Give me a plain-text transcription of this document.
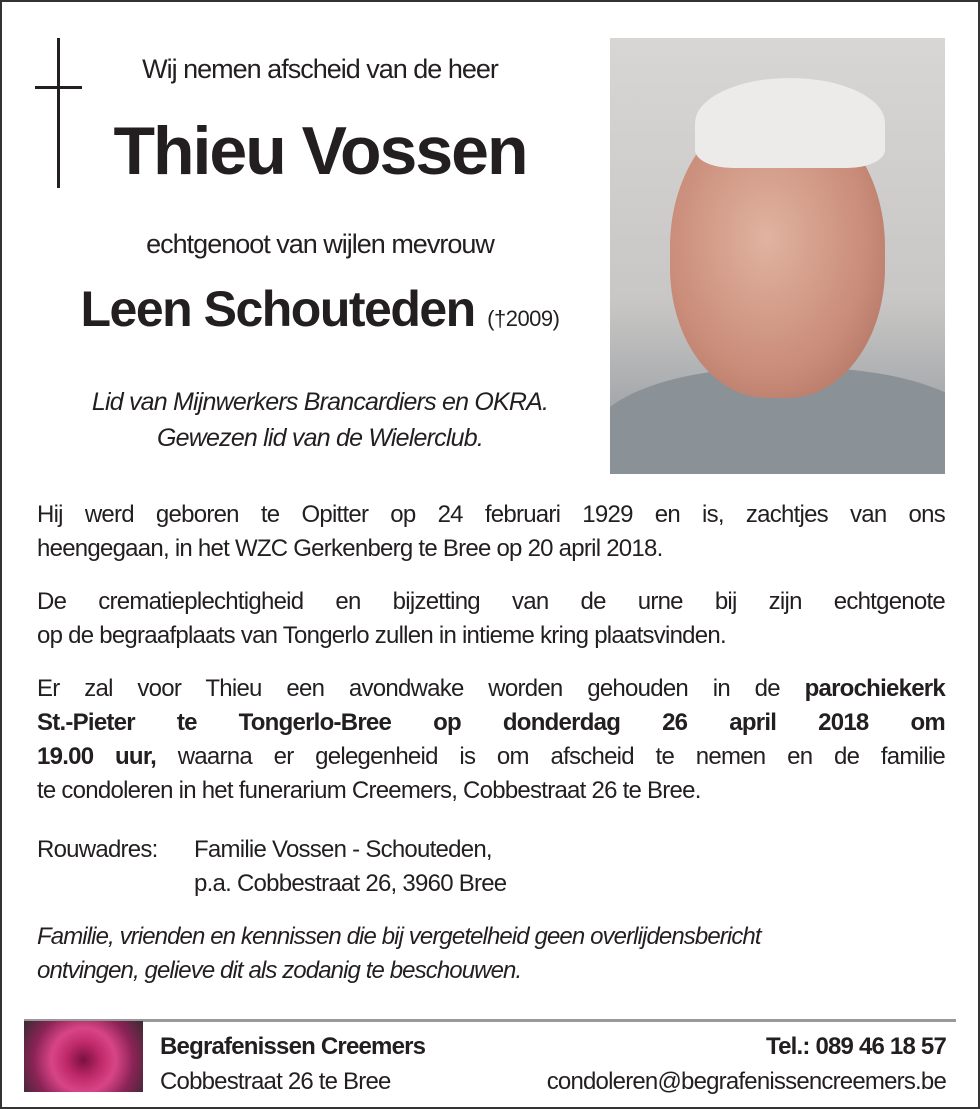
Wij nemen afscheid van de heer
Thieu Vossen
echtgenoot van wijlen mevrouw
Leen Schouteden (†2009)
Lid van Mijnwerkers Brancardiers en OKRA.
Gewezen lid van de Wielerclub.
Hij werd geboren te Opitter op 24 februari 1929 en is, zachtjes van ons
heengegaan, in het WZC Gerkenberg te Bree op 20 april 2018.
De crematieplechtigheid en bijzetting van de urne bij zijn echtgenote
op de begraafplaats van Tongerlo zullen in intieme kring plaatsvinden.
Er zal voor Thieu een avondwake worden gehouden in de parochiekerk
St.-Pieter te Tongerlo-Bree op donderdag 26 april 2018 om
19.00 uur, waarna er gelegenheid is om afscheid te nemen en de familie
te condoleren in het funerarium Creemers, Cobbestraat 26 te Bree.
Rouwadres: Familie Vossen - Schouteden,
p.a. Cobbestraat 26, 3960 Bree
Familie, vrienden en kennissen die bij vergetelheid geen overlijdensbericht
ontvingen, gelieve dit als zodanig te beschouwen.
Begrafenissen Creemers
Cobbestraat 26 te Bree
Tel.: 089 46 18 57
condoleren@begrafenissencreemers.be
